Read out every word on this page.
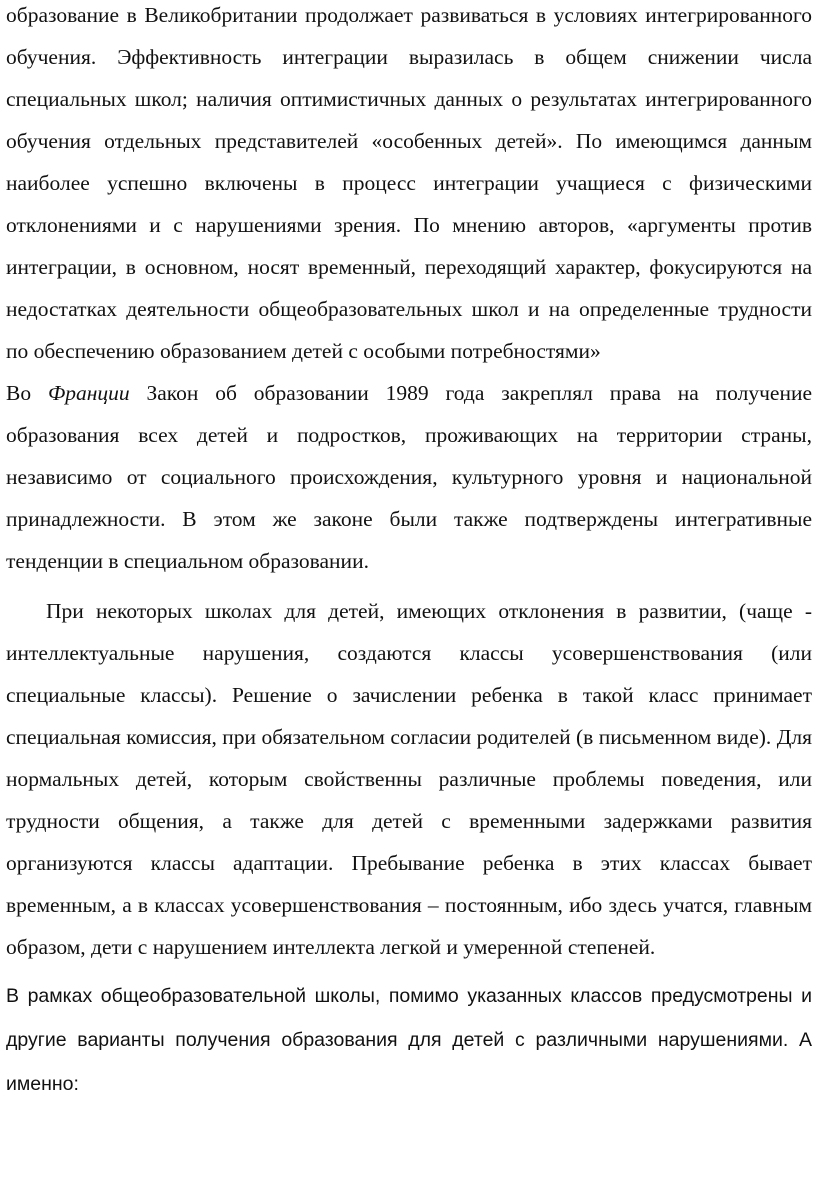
образование в Великобритании продолжает развиваться в условиях интегрированного обучения. Эффективность интеграции выразилась в общем снижении числа специальных школ; наличия оптимистичных данных о результатах интегрированного обучения отдельных представителей «особенных детей». По имеющимся данным наиболее успешно включены в процесс интеграции учащиеся с физическими отклонениями и с нарушениями зрения. По мнению авторов, «аргументы против интеграции, в основном, носят временный, переходящий характер, фокусируются на недостатках деятельности общеобразовательных школ и на определенные трудности по обеспечению образованием детей с особыми потребностями»

Во Франции Закон об образовании 1989 года закреплял права на получение образования всех детей и подростков, проживающих на территории страны, независимо от социального происхождения, культурного уровня и национальной принадлежности. В этом же законе были также подтверждены интегративные тенденции в специальном образовании.

При некоторых школах для детей, имеющих отклонения в развитии, (чаще - интеллектуальные нарушения, создаются классы усовершенствования (или специальные классы). Решение о зачислении ребенка в такой класс принимает специальная комиссия, при обязательном согласии родителей (в письменном виде). Для нормальных детей, которым свойственны различные проблемы поведения, или трудности общения, а также для детей с временными задержками развития организуются классы адаптации. Пребывание ребенка в этих классах бывает временным, а в классах усовершенствования – постоянным, ибо здесь учатся, главным образом, дети с нарушением интеллекта легкой и умеренной степеней.

В рамках общеобразовательной школы, помимо указанных классов предусмотрены и другие варианты получения образования для детей с различными нарушениями. А именно:
